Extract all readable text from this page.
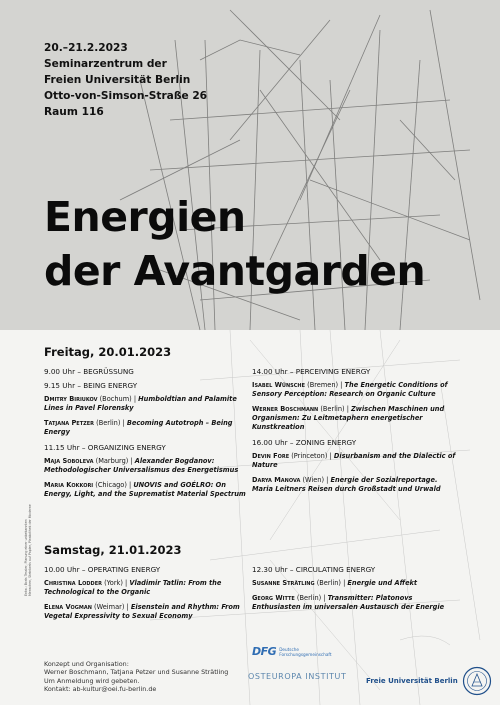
20.–21.2.2023
Seminarzentrum der
Freien Universität Berlin
Otto-von-Simson-Straße 26
Raum 116
Energien
der Avantgarden
Freitag, 20.01.2023
9.00 Uhr – BEGRÜSSUNG
9.15 Uhr – BEING ENERGY
Dmitry Biriukov (Bochum) | Humboldtian and Palamite Lines in Pavel Florensky
Tatjana Petzer (Berlin) | Becoming Autotroph – Being Energy
11.15 Uhr – ORGANIZING ENERGY
Maja Soboleva (Marburg) | Alexander Bogdanov: Methodologischer Universalismus des Energetismus
Maria Kokkori (Chicago) | UNOVIS and GOÉLRO: On Energy, Light, and the Suprematist Material Spectrum
14.00 Uhr – PERCEIVING ENERGY
Isabel Wünsche (Bremen) | The Energetic Conditions of Sensory Perception: Research on Organic Culture
Werner Boschmann (Berlin) | Zwischen Maschinen und Organismen: Zu Leitmetaphern energetischer Kunstkreation
16.00 Uhr – ZONING ENERGY
Devin Fore (Princeton) | Disurbanism and the Dialectic of Nature
Darya Manova (Wien) | Energie der Sozialreportage. Maria Leitners Reisen durch Großstadt und Urwald
Samstag, 21.01.2023
10.00 Uhr – OPERATING ENERGY
Christina Lodder (York) | Vladimir Tatlin: From the Technological to the Organic
Elena Vogman (Weimar) | Eisenstein and Rhythm: From Vegetal Expressivity to Sexual Economy
12.30 Uhr – CIRCULATING ENERGY
Susanne Strätling (Berlin) | Energie und Affekt
Georg Witte (Berlin) | Transmitter: Platonovs Enthusiasten im universalen Austausch der Energie
Entw.: Boris Tessler, Planung einer unbekannten Menschen, Steinkreis auf Papier, Pinakothek der Moderne
Konzept und Organisation:
Werner Boschmann, Tatjana Petzer und Susanne Strätling
Um Anmeldung wird gebeten.
Kontakt: ab-kultur@oei.fu-berlin.de
DFG Deutsche
Forschungsgemeinschaft
OSTEUROPA INSTITUT	Freie Universität Berlin
